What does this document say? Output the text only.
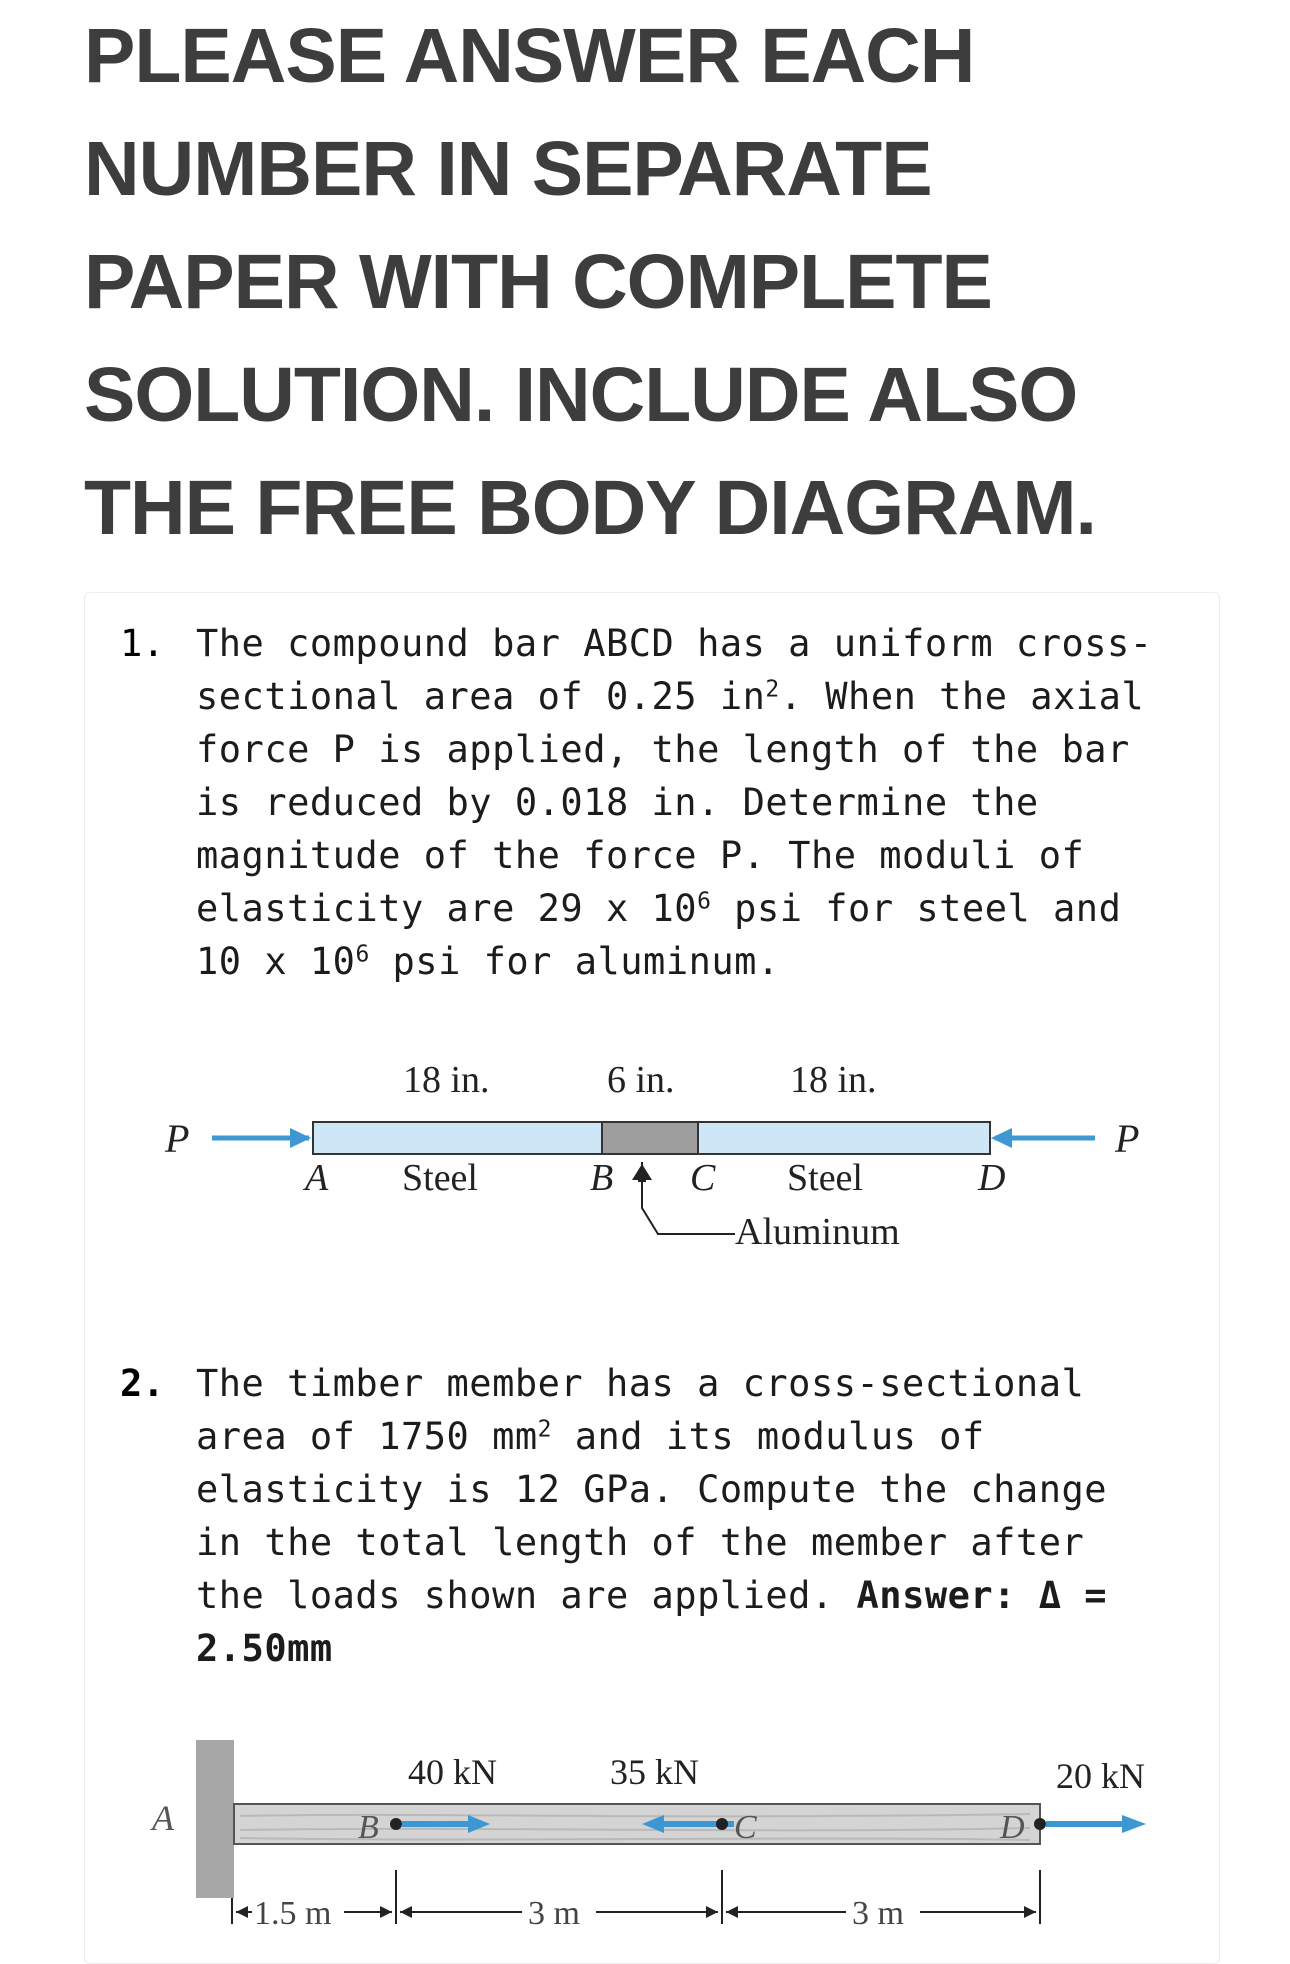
PLEASE ANSWER EACH
NUMBER IN SEPARATE
PAPER WITH COMPLETE
SOLUTION. INCLUDE ALSO
THE FREE BODY DIAGRAM.
1. The compound bar ABCD has a uniform cross-
sectional area of 0.25 $in^2$. When the axial
force P is applied, the length of the bar
is reduced by 0.018 in. Determine the
magnitude of the force P. The moduli of
elasticity are 29 x $10^6$ psi for steel and
10 x $10^6$ psi for aluminum.
18 in.	6 in.	18 in.
P	P
A Steel	B C Steel	D
Aluminum
2. The timber member has a cross-sectional
area of 1750 $mm^2$ and its modulus of
elasticity is 12 GPa. Compute the change
in the total length of the member after
the loads shown are applied. Answer: Δ =
2.50mm
A	B
40 kN
C
35 kN
D
20 kN
1.5 m	3 m	3 m
